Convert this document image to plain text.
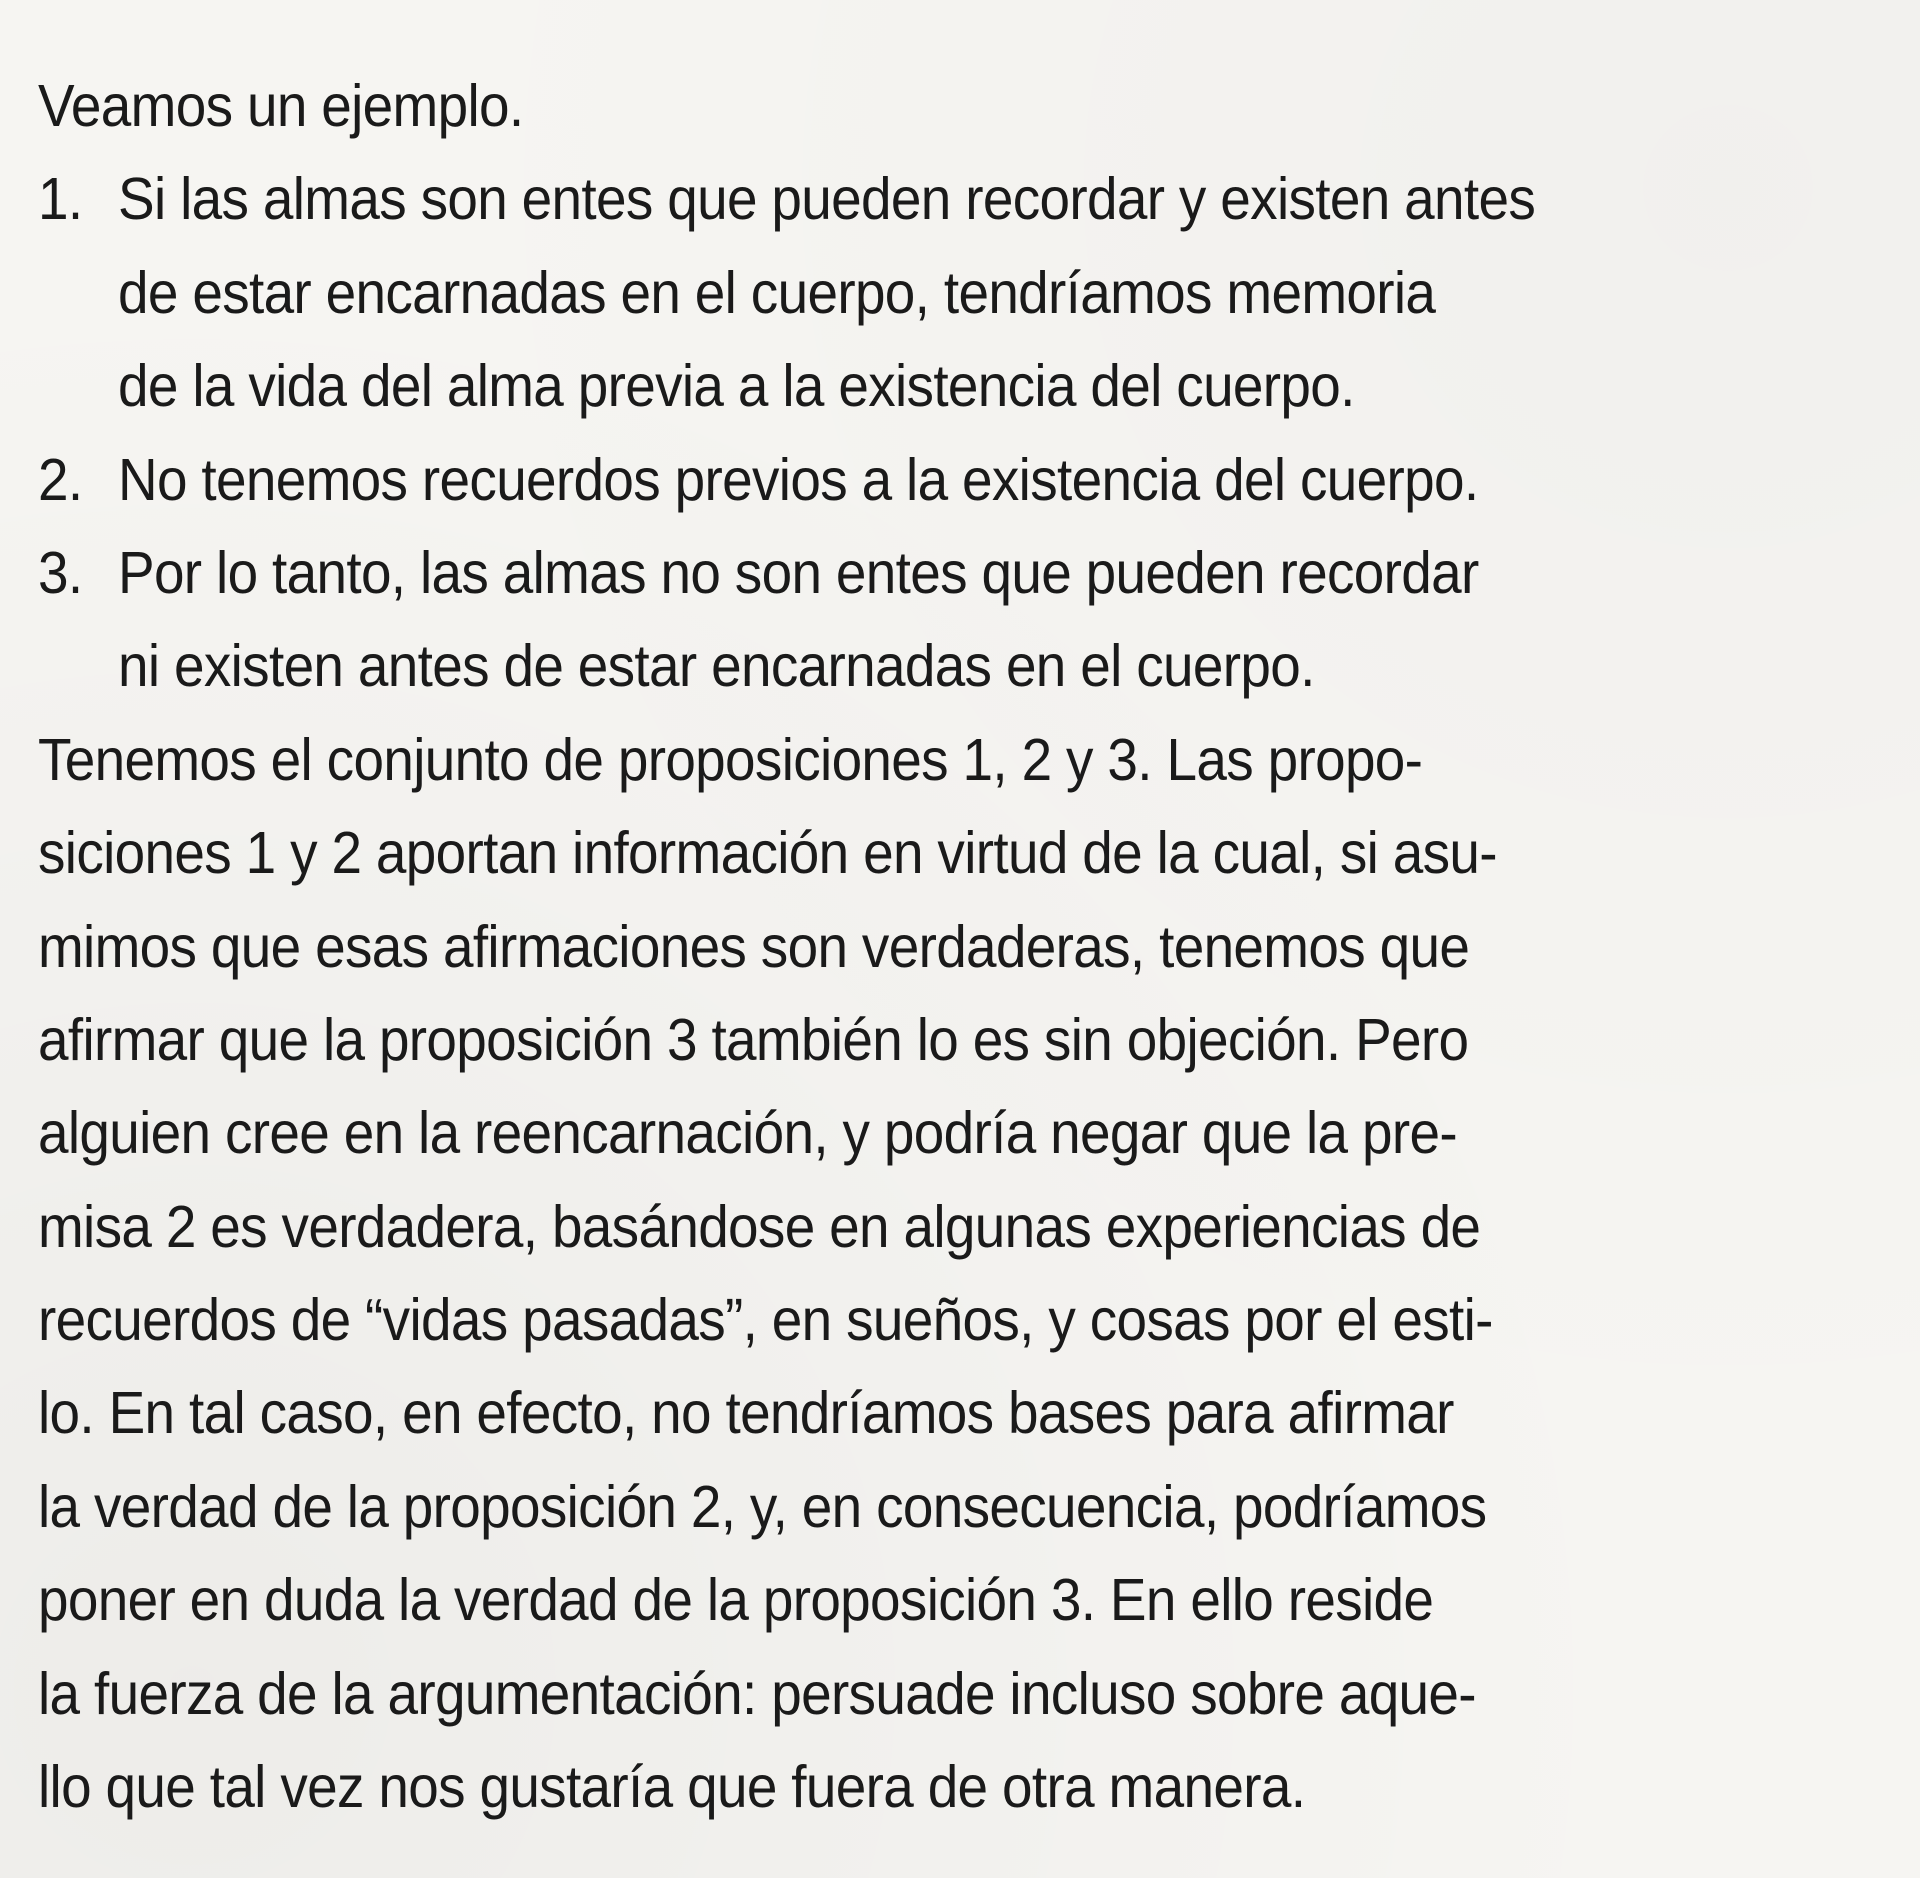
Veamos un ejemplo.
1. Si las almas son entes que pueden recordar y existen antes
de estar encarnadas en el cuerpo, tendríamos memoria
de la vida del alma previa a la existencia del cuerpo.
2. No tenemos recuerdos previos a la existencia del cuerpo.
3. Por lo tanto, las almas no son entes que pueden recordar
ni existen antes de estar encarnadas en el cuerpo.
Tenemos el conjunto de proposiciones 1, 2 y 3. Las propo-
siciones 1 y 2 aportan información en virtud de la cual, si asu-
mimos que esas afirmaciones son verdaderas, tenemos que
afirmar que la proposición 3 también lo es sin objeción. Pero
alguien cree en la reencarnación, y podría negar que la pre-
misa 2 es verdadera, basándose en algunas experiencias de
recuerdos de “vidas pasadas”, en sueños, y cosas por el esti-
lo. En tal caso, en efecto, no tendríamos bases para afirmar
la verdad de la proposición 2, y, en consecuencia, podríamos
poner en duda la verdad de la proposición 3. En ello reside
la fuerza de la argumentación: persuade incluso sobre aque-
llo que tal vez nos gustaría que fuera de otra manera.
